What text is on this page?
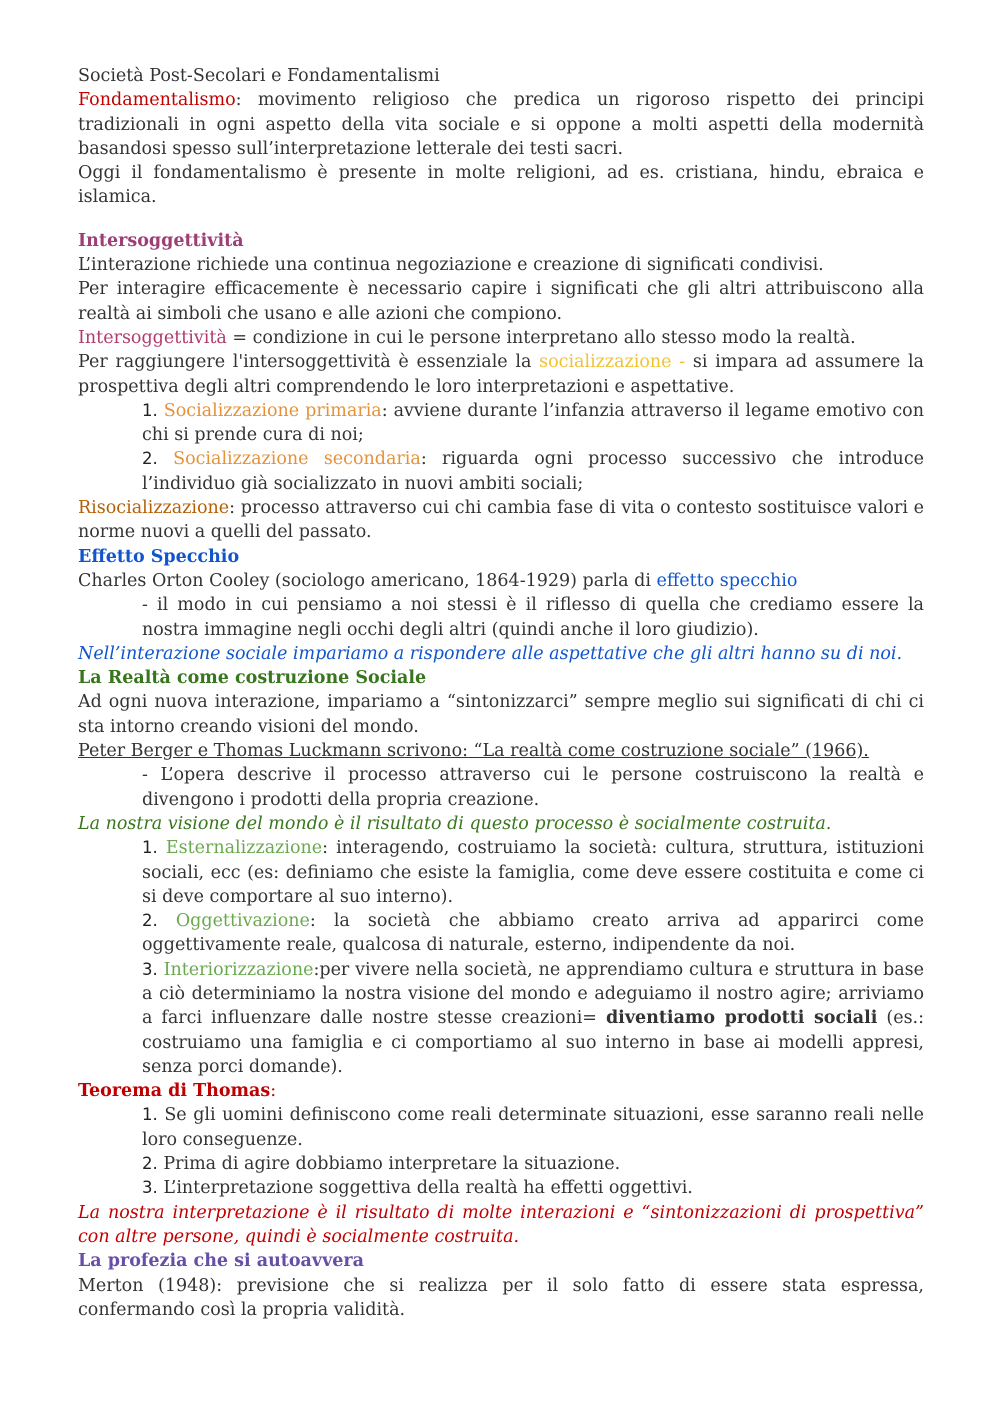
Società Post-Secolari e Fondamentalismi

Fondamentalismo: movimento religioso che predica un rigoroso rispetto dei principi tradizionali in ogni aspetto della vita sociale e si oppone a molti aspetti della modernità basandosi spesso sull’interpretazione letterale dei testi sacri.

Oggi il fondamentalismo è presente in molte religioni, ad es. cristiana, hindu, ebraica e islamica.

Intersoggettività

L’interazione richiede una continua negoziazione e creazione di significati condivisi.

Per interagire efficacemente è necessario capire i significati che gli altri attribuiscono alla realtà ai simboli che usano e alle azioni che compiono.

Intersoggettività = condizione in cui le persone interpretano allo stesso modo la realtà.

Per raggiungere l'intersoggettività è essenziale la socializzazione - si impara ad assumere la prospettiva degli altri comprendendo le loro interpretazioni e aspettative.

1. Socializzazione primaria: avviene durante l’infanzia attraverso il legame emotivo con chi si prende cura di noi;

2. Socializzazione secondaria: riguarda ogni processo successivo che introduce l’individuo già socializzato in nuovi ambiti sociali;

Risocializzazione: processo attraverso cui chi cambia fase di vita o contesto sostituisce valori e norme nuovi a quelli del passato.

Effetto Specchio

Charles Orton Cooley (sociologo americano, 1864-1929) parla di effetto specchio

- il modo in cui pensiamo a noi stessi è il riflesso di quella che crediamo essere la nostra immagine negli occhi degli altri (quindi anche il loro giudizio).

Nell’interazione sociale impariamo a rispondere alle aspettative che gli altri hanno su di noi.

La Realtà come costruzione Sociale

Ad ogni nuova interazione, impariamo a “sintonizzarci” sempre meglio sui significati di chi ci sta intorno creando visioni del mondo.

Peter Berger e Thomas Luckmann scrivono: “La realtà come costruzione sociale” (1966).

- L’opera descrive il processo attraverso cui le persone costruiscono la realtà e divengono i prodotti della propria creazione.

La nostra visione del mondo è il risultato di questo processo è socialmente costruita.

1. Esternalizzazione: interagendo, costruiamo la società: cultura, struttura, istituzioni sociali, ecc (es: definiamo che esiste la famiglia, come deve essere costituita e come ci si deve comportare al suo interno).

2. Oggettivazione: la società che abbiamo creato arriva ad apparirci come oggettivamente reale, qualcosa di naturale, esterno, indipendente da noi.

3. Interiorizzazione:per vivere nella società, ne apprendiamo cultura e struttura in base a ciò determiniamo la nostra visione del mondo e adeguiamo il nostro agire; arriviamo a farci influenzare dalle nostre stesse creazioni= diventiamo prodotti sociali (es.: costruiamo una famiglia e ci comportiamo al suo interno in base ai modelli appresi, senza porci domande).

Teorema di Thomas:

1. Se gli uomini definiscono come reali determinate situazioni, esse saranno reali nelle loro conseguenze.

2. Prima di agire dobbiamo interpretare la situazione.

3. L’interpretazione soggettiva della realtà ha effetti oggettivi.

La nostra interpretazione è il risultato di molte interazioni e “sintonizzazioni di prospettiva” con altre persone, quindi è socialmente costruita.

La profezia che si autoavvera

Merton (1948): previsione che si realizza per il solo fatto di essere stata espressa, confermando così la propria validità.
